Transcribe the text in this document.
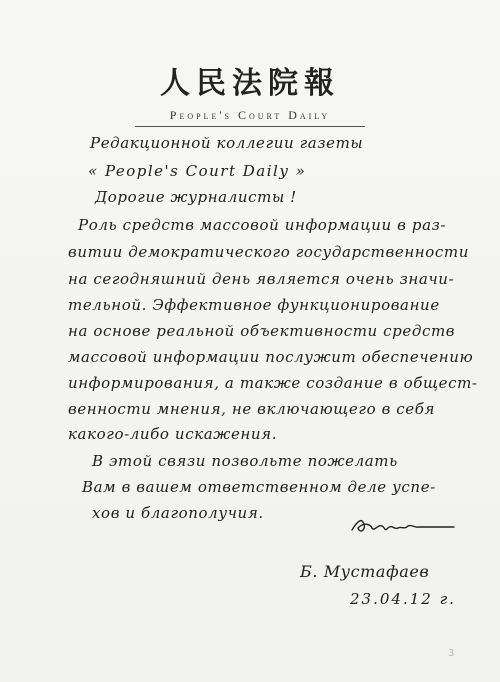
人民法院報
People's Court Daily
Редакционной коллегии газеты
« People's Court Daily »
Дорогие журналисты !
Роль средств массовой информации в раз-
витии демократического государственности
на сегодняшний день является очень значи-
тельной. Эффективное функционирование
на основе реальной объективности средств
массовой информации послужит обеспечению
информирования, а также создание в общест-
венности мнения, не включающего в себя
какого-либо искажения.
В этой связи позвольте пожелать
Вам в вашем ответственном деле успе-
хов и благополучия.
Б. Мустафаев
23.04.12 г.
3
